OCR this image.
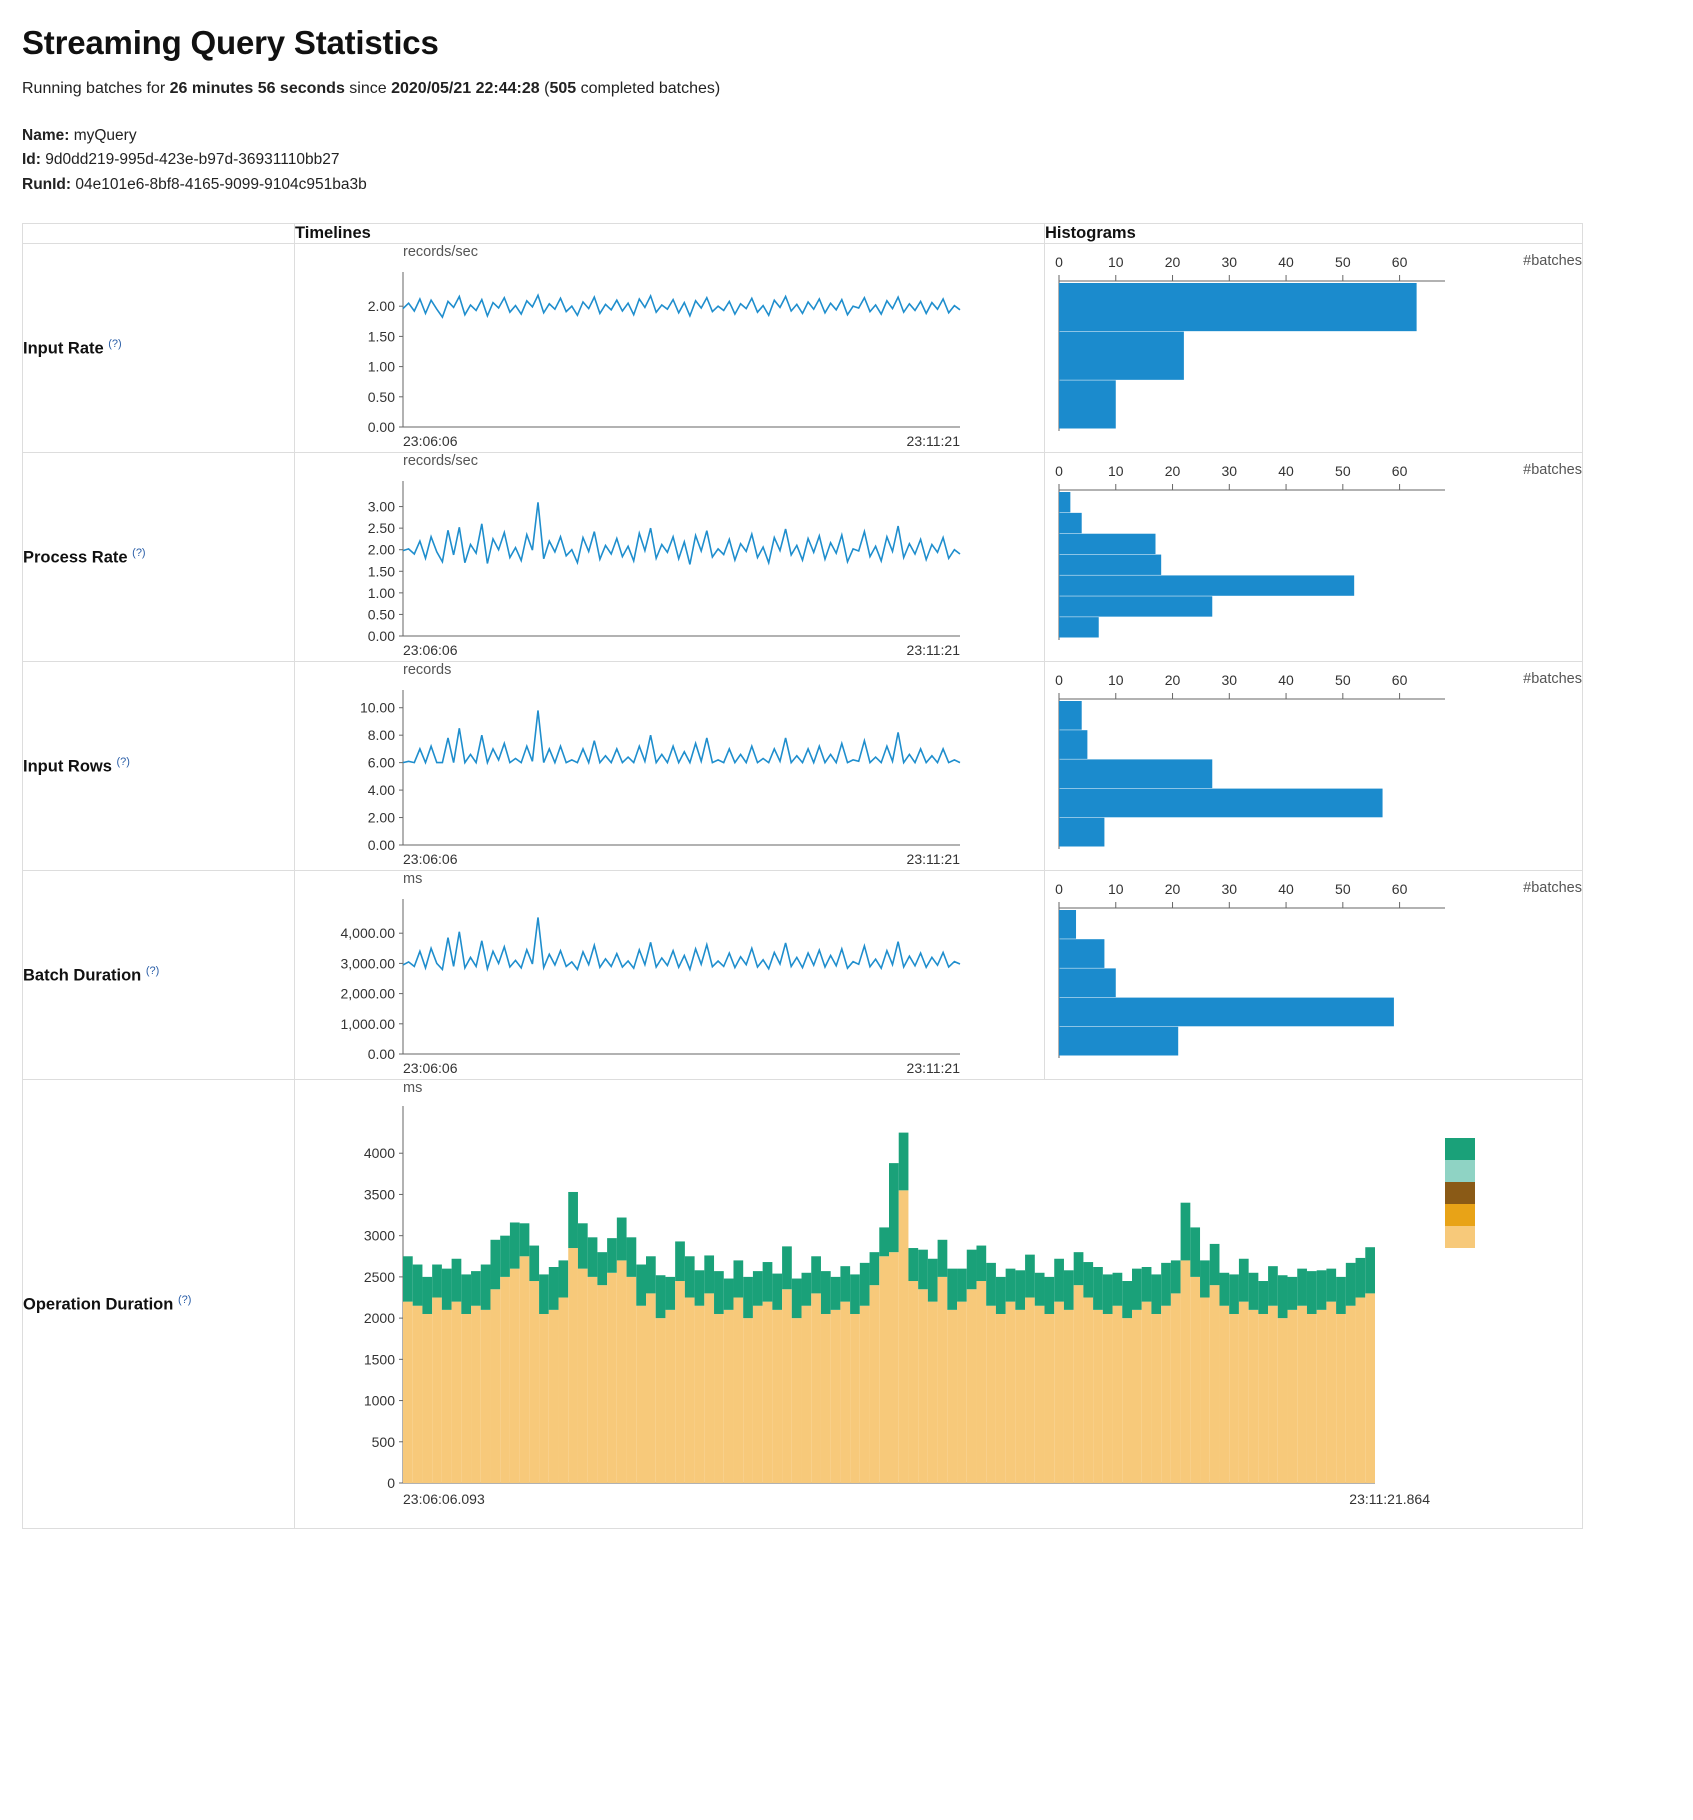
Streaming Query Statistics
Running batches for 26 minutes 56 seconds since 2020/05/21 22:44:28 (505 completed batches)
Name: myQuery
Id: 9d0dd219-995d-423e-b97d-36931110bb27
RunId: 04e101e6-8bf8-4165-9099-9104c951ba3b
	Timelines	Histograms
Input Rate (?)	
records/sec
0.00
0.50
1.00
1.50
2.00
23:06:06	23:11:21

#batches
0	10	20	30	40	50	60

Process Rate (?)	
records/sec
0.00
0.50
1.00
1.50
2.00
2.50
3.00
23:06:06	23:11:21

#batches
0	10	20	30	40	50	60

Input Rows (?)	
records
0.00
2.00
4.00
6.00
8.00
10.00
23:06:06	23:11:21

#batches
0	10	20	30	40	50	60

Batch Duration (?)	
ms
0.00
1,000.00
2,000.00
3,000.00
4,000.00
23:06:06	23:11:21

#batches
0	10	20	30	40	50	60

Operation Duration (?)	
ms
0
500
1000
1500
2000
2500
3000
3500
4000
23:06:06.093	23:11:21.864
